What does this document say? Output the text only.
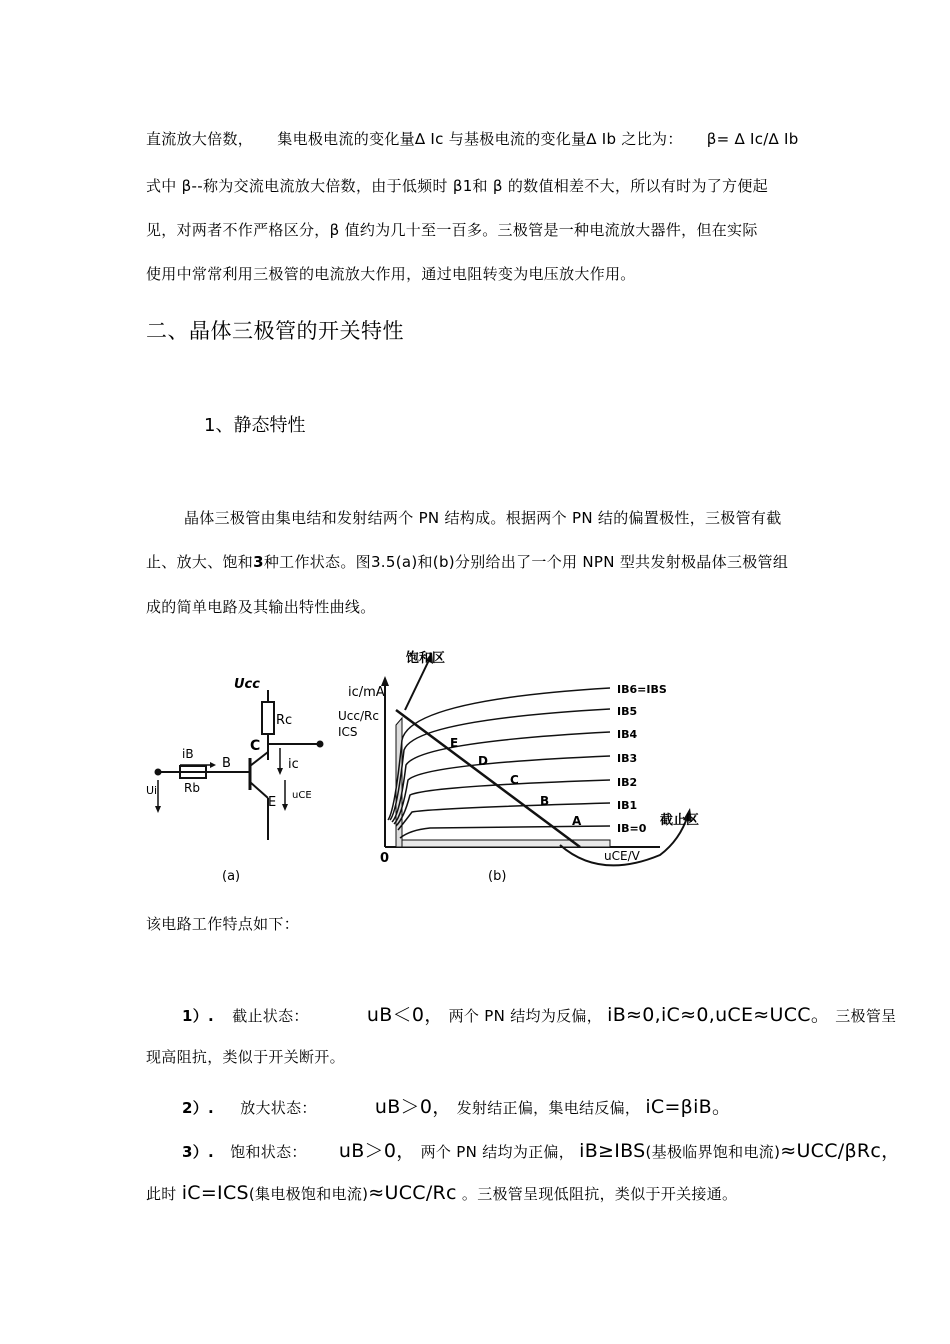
直流放大倍数， 集电极电流的变化量∆ Ic 与基极电流的变化量∆ Ib 之比为： β= ∆ Ic/∆ Ib
式中 β--称为交流电流放大倍数，由于低频时 β1和 β 的数值相差不大，所以有时为了方便起
见，对两者不作严格区分，β 值约为几十至一百多。三极管是一种电流放大器件，但在实际
使用中常常利用三极管的电流放大作用，通过电阻转变为电压放大作用。
二、晶体三极管的开关特性
1、静态特性
晶体三极管由集电结和发射结两个 PN 结构成。根据两个 PN 结的偏置极性，三极管有截
止、放大、饱和3种工作状态。图3.5(a)和(b)分别给出了一个用 NPN 型共发射极晶体三极管组
成的简单电路及其输出特性曲线。
Ucc
Rc
C
ic
iB
B
Rb
Ui
E uCE
(a)
ic/mA
Ucc/Rc
ICS
饱和区
截止区
0	uCE/V
IB6=IBS
IB5
IB4
IB3
IB2
IB1
IB=0
E
D
C
B
A
(b)
该电路工作特点如下：
1）. 截止状态：	uB＜0， 两个 PN 结均为反偏， iB≈0,iC≈0,uCE≈UCC。 三极管呈
现高阻抗，类似于开关断开。
2）. 放大状态：	uB＞0， 发射结正偏，集电结反偏， iC=βiB。
3）. 饱和状态： uB＞0， 两个 PN 结均为正偏， iB≥IBS(基极临界饱和电流)≈UCC/βRc，
此时 iC=ICS(集电极饱和电流)≈UCC/Rc 。三极管呈现低阻抗，类似于开关接通。
